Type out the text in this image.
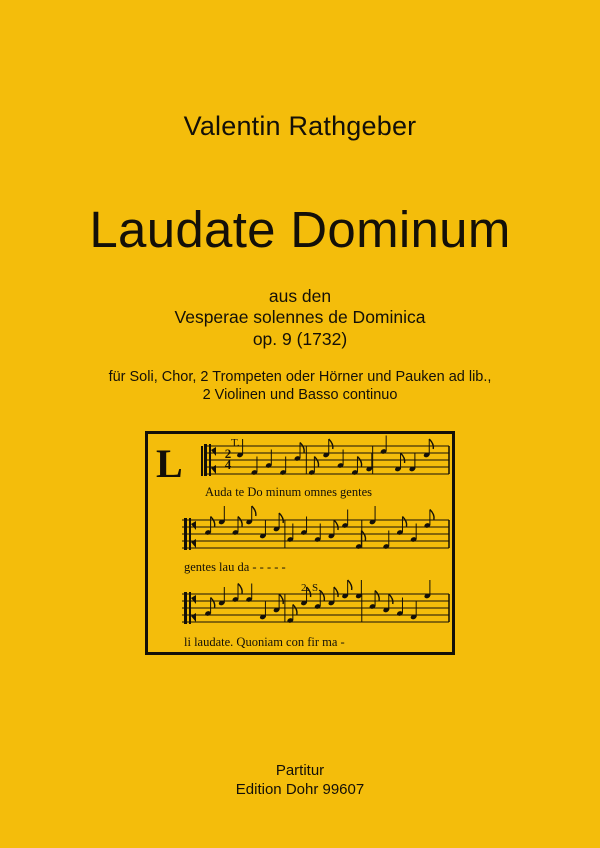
Valentin Rathgeber
Laudate Dominum
aus den
Vesperae solennes de Dominica
op. 9 (1732)
für Soli, Chor, 2 Trompeten oder Hörner und Pauken ad lib.,
2 Violinen und Basso continuo
L	2
4
T.
2. S.
Auda te Do minum omnes gentes
gentes lau da - - - - -
li laudate. Quoniam con fir ma -
Partitur
Edition Dohr 99607
